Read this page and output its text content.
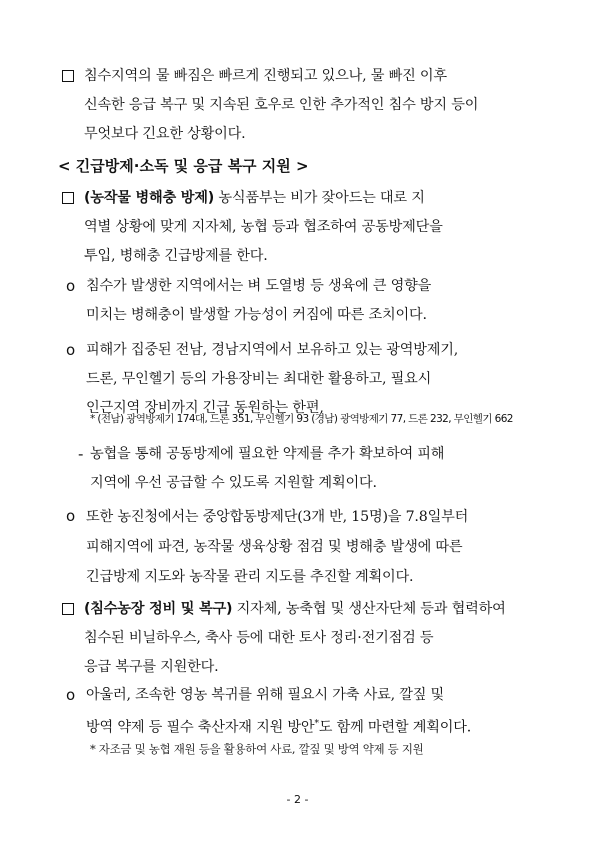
침수지역의 물 빠짐은 빠르게 진행되고 있으나, 물 빠진 이후
신속한 응급 복구 및 지속된 호우로 인한 추가적인 침수 방지 등이
무엇보다 긴요한 상황이다.
< 긴급방제·소독 및 응급 복구 지원 >
(농작물 병해충 방제) 농식품부는 비가 잦아드는 대로 지
역별 상황에 맞게 지자체, 농협 등과 협조하여 공동방제단을
투입, 병해충 긴급방제를 한다.
o 침수가 발생한 지역에서는 벼 도열병 등 생육에 큰 영향을
미치는 병해충이 발생할 가능성이 커짐에 따른 조치이다.
o 피해가 집중된 전남, 경남지역에서 보유하고 있는 광역방제기,
드론, 무인헬기 등의 가용장비는 최대한 활용하고, 필요시
인근지역 장비까지 긴급 동원하는 한편,
* (전남) 광역방제기 174대, 드론 351, 무인헬기 93 (경남) 광역방제기 77, 드론 232, 무인헬기 662
- 농협을 통해 공동방제에 필요한 약제를 추가 확보하여 피해
지역에 우선 공급할 수 있도록 지원할 계획이다.
o 또한 농진청에서는 중앙합동방제단(3개 반, 15명)을 7.8일부터
피해지역에 파견, 농작물 생육상황 점검 및 병해충 발생에 따른
긴급방제 지도와 농작물 관리 지도를 추진할 계획이다.
(침수농장 정비 및 복구) 지자체, 농축협 및 생산자단체 등과 협력하여
침수된 비닐하우스, 축사 등에 대한 토사 정리·전기점검 등
응급 복구를 지원한다.
o 아울러, 조속한 영농 복귀를 위해 필요시 가축 사료, 깔짚 및
방역 약제 등 필수 축산자재 지원 방안*도 함께 마련할 계획이다.
* 자조금 및 농협 재원 등을 활용하여 사료, 깔짚 및 방역 약제 등 지원
- 2 -
